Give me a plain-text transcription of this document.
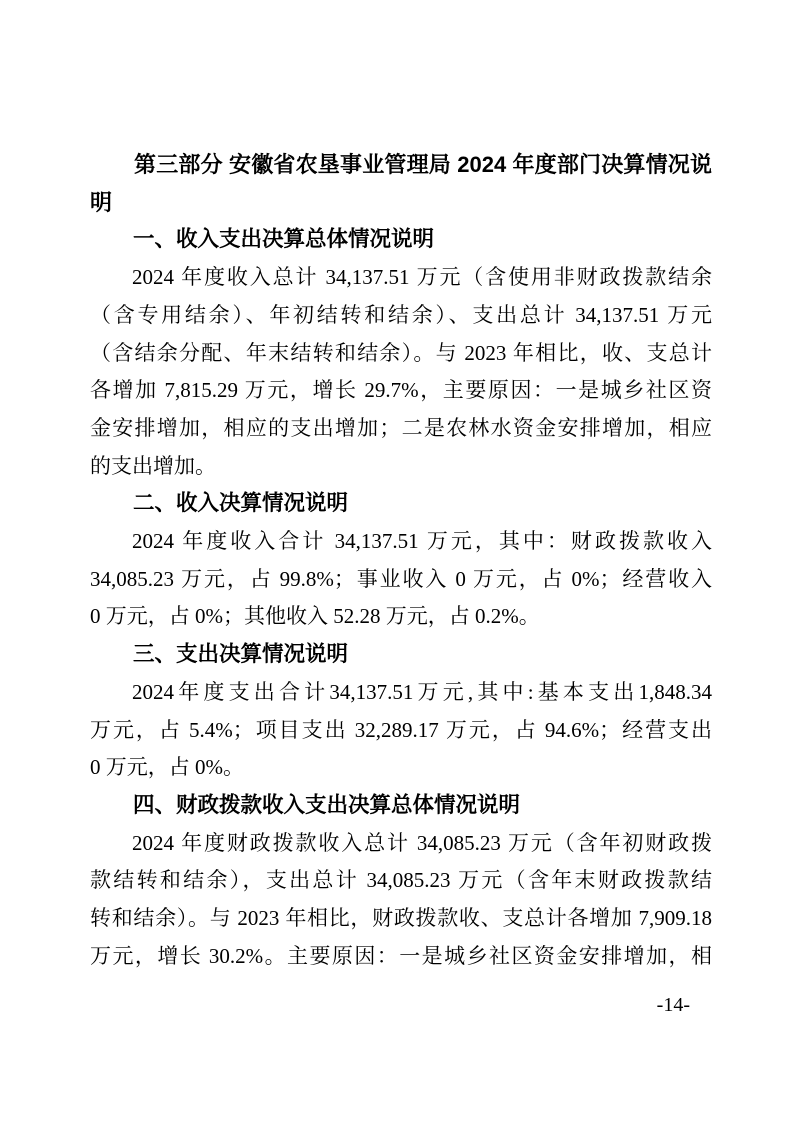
第三部分 安徽省农垦事业管理局 2024 年度部门决算情况说
明
一、收入支出决算总体情况说明
2024 年度收入总计 34,137.51 万元（含使用非财政拨款结余
（含专用结余）、年初结转和结余）、支出总计 34,137.51 万元
（含结余分配、年末结转和结余）。与 2023 年相比，收、支总计
各增加 7,815.29 万元，增长 29.7%，主要原因：一是城乡社区资
金安排增加，相应的支出增加；二是农林水资金安排增加，相应
的支出增加。
二、收入决算情况说明
2024 年度收入合计 34,137.51 万元，其中：财政拨款收入
34,085.23 万元，占 99.8%；事业收入 0 万元，占 0%；经营收入
0 万元，占 0%；其他收入 52.28 万元，占 0.2%。
三、支出决算情况说明
2024年度支出合计34,137.51万元,其中:基本支出1,848.34
万元，占 5.4%；项目支出 32,289.17 万元，占 94.6%；经营支出
0 万元，占 0%。
四、财政拨款收入支出决算总体情况说明
2024 年度财政拨款收入总计 34,085.23 万元（含年初财政拨
款结转和结余），支出总计 34,085.23 万元（含年末财政拨款结
转和结余）。与 2023 年相比，财政拨款收、支总计各增加 7,909.18
万元，增长 30.2%。主要原因：一是城乡社区资金安排增加，相
-14-
